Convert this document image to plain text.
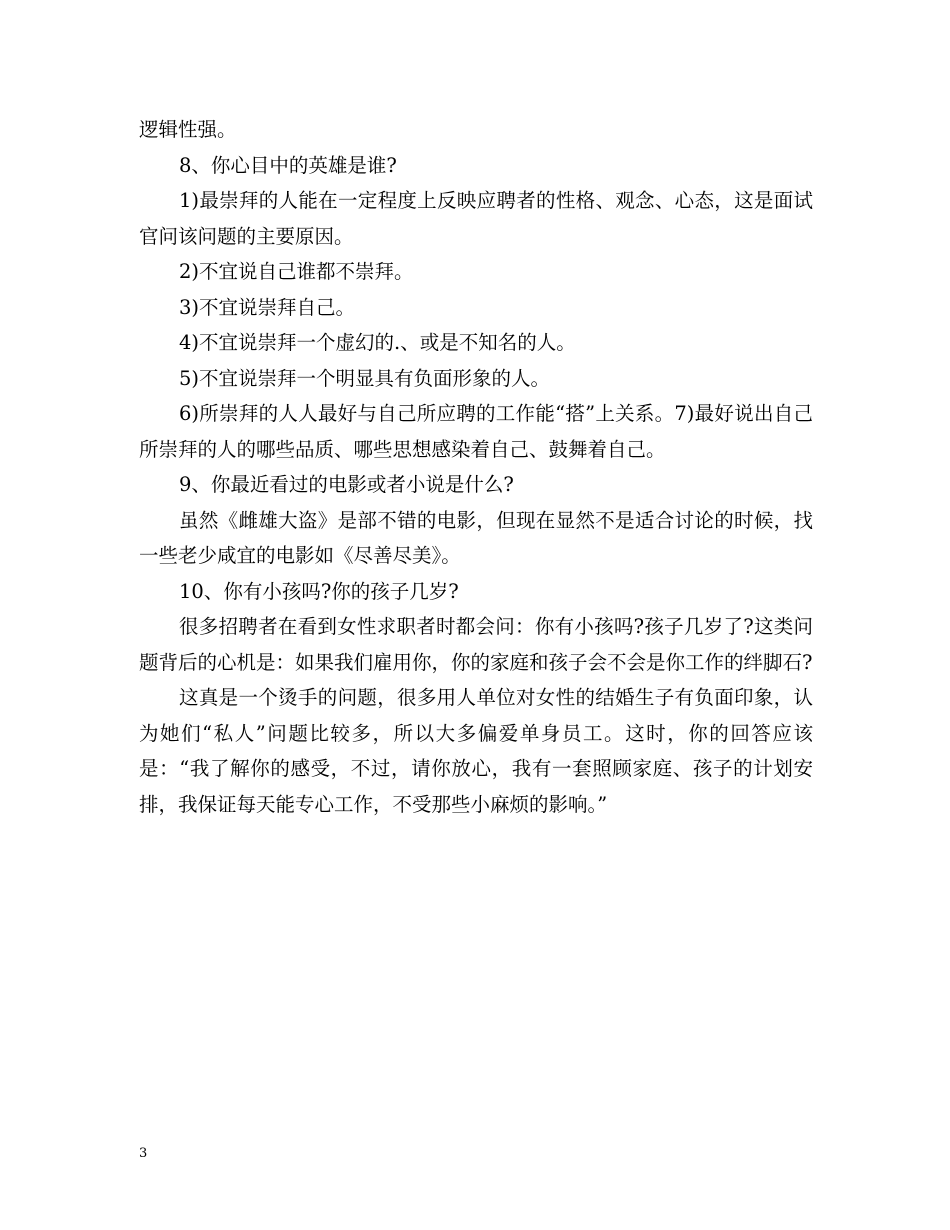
逻辑性强。

8、你心目中的英雄是谁?

1)最崇拜的人能在一定程度上反映应聘者的性格、观念、心态，这是面试官问该问题的主要原因。

2)不宜说自己谁都不崇拜。

3)不宜说崇拜自己。

4)不宜说崇拜一个虚幻的.、或是不知名的人。

5)不宜说崇拜一个明显具有负面形象的人。

6)所崇拜的人人最好与自己所应聘的工作能“搭”上关系。7)最好说出自己所崇拜的人的哪些品质、哪些思想感染着自己、鼓舞着自己。

9、你最近看过的电影或者小说是什么?

虽然《雌雄大盗》是部不错的电影，但现在显然不是适合讨论的时候，找一些老少咸宜的电影如《尽善尽美》。

10、你有小孩吗?你的孩子几岁?

很多招聘者在看到女性求职者时都会问：你有小孩吗?孩子几岁了?这类问题背后的心机是：如果我们雇用你，你的家庭和孩子会不会是你工作的绊脚石?

这真是一个烫手的问题，很多用人单位对女性的结婚生子有负面印象，认为她们“私人”问题比较多，所以大多偏爱单身员工。这时，你的回答应该是：“我了解你的感受，不过，请你放心，我有一套照顾家庭、孩子的计划安排，我保证每天能专心工作，不受那些小麻烦的影响。”

3
